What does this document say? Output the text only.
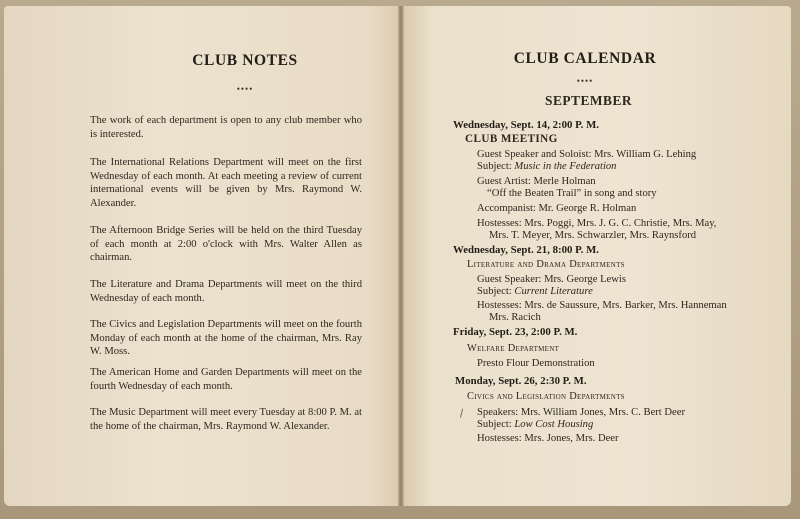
CLUB NOTES
••••
The work of each department is open to any club member who is interested.
The International Relations Department will meet on the first Wednesday of each month. At each meeting a review of current international events will be given by Mrs. Raymond W. Alexander.
The Afternoon Bridge Series will be held on the third Tuesday of each month at 2:00 o'clock with Mrs. Walter Allen as chairman.
The Literature and Drama Departments will meet on the third Wednesday of each month.
The Civics and Legislation Departments will meet on the fourth Monday of each month at the home of the chairman, Mrs. Ray W. Moss.
The American Home and Garden Departments will meet on the fourth Wednesday of each month.
The Music Department will meet every Tuesday at 8:00 P. M. at the home of the chairman, Mrs. Raymond W. Alexander.
CLUB CALENDAR
••••
SEPTEMBER
Wednesday, Sept. 14, 2:00 P. M.
CLUB MEETING
Guest Speaker and Soloist: Mrs. William G. Lehing
Subject: Music in the Federation
Guest Artist: Merle Holman
“Off the Beaten Trail” in song and story
Accompanist: Mr. George R. Holman
Hostesses: Mrs. Poggi, Mrs. J. G. C. Christie, Mrs. May,
Mrs. T. Meyer, Mrs. Schwarzler, Mrs. Raynsford
Wednesday, Sept. 21, 8:00 P. M.
Literature and Drama Departments
Guest Speaker: Mrs. George Lewis
Subject: Current Literature
Hostesses: Mrs. de Saussure, Mrs. Barker, Mrs. Hanneman
Mrs. Racich
Friday, Sept. 23, 2:00 P. M.
Welfare Department
Presto Flour Demonstration
Monday, Sept. 26, 2:30 P. M.
Civics and Legislation Departments
Speakers: Mrs. William Jones, Mrs. C. Bert Deer
Subject: Low Cost Housing
Hostesses: Mrs. Jones, Mrs. Deer
